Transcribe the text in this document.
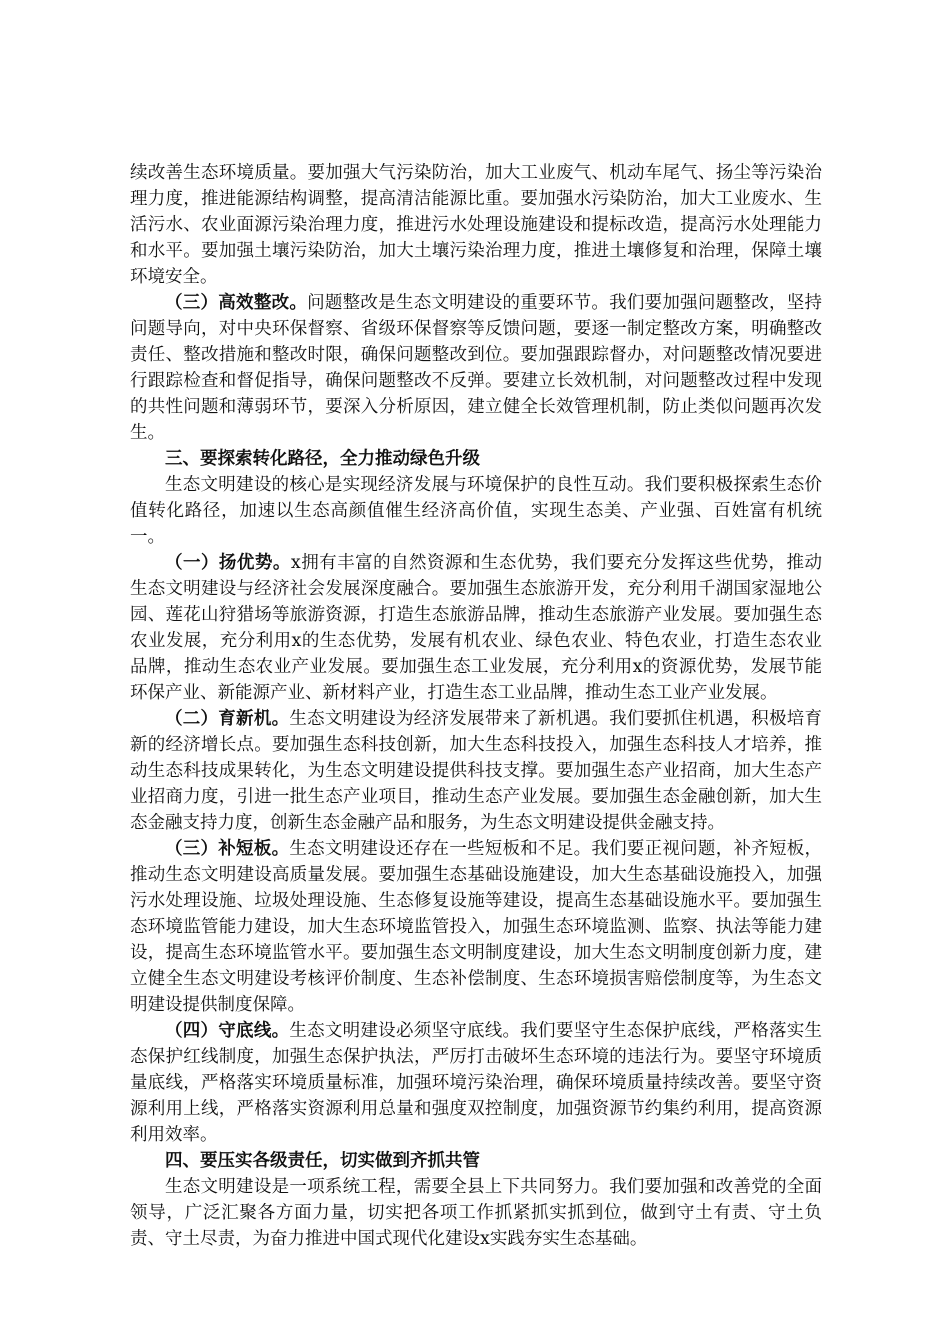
续改善生态环境质量。要加强大气污染防治，加大工业废气、机动车尾气、扬尘等污染治理力度，推进能源结构调整，提高清洁能源比重。要加强水污染防治，加大工业废水、生活污水、农业面源污染治理力度，推进污水处理设施建设和提标改造，提高污水处理能力和水平。要加强土壤污染防治，加大土壤污染治理力度，推进土壤修复和治理，保障土壤环境安全。

（三）高效整改。问题整改是生态文明建设的重要环节。我们要加强问题整改，坚持问题导向，对中央环保督察、省级环保督察等反馈问题，要逐一制定整改方案，明确整改责任、整改措施和整改时限，确保问题整改到位。要加强跟踪督办，对问题整改情况要进行跟踪检查和督促指导，确保问题整改不反弹。要建立长效机制，对问题整改过程中发现的共性问题和薄弱环节，要深入分析原因，建立健全长效管理机制，防止类似问题再次发生。

三、要探索转化路径，全力推动绿色升级

生态文明建设的核心是实现经济发展与环境保护的良性互动。我们要积极探索生态价值转化路径，加速以生态高颜值催生经济高价值，实现生态美、产业强、百姓富有机统一。

（一）扬优势。x拥有丰富的自然资源和生态优势，我们要充分发挥这些优势，推动生态文明建设与经济社会发展深度融合。要加强生态旅游开发，充分利用千湖国家湿地公园、莲花山狩猎场等旅游资源，打造生态旅游品牌，推动生态旅游产业发展。要加强生态农业发展，充分利用x的生态优势，发展有机农业、绿色农业、特色农业，打造生态农业品牌，推动生态农业产业发展。要加强生态工业发展，充分利用x的资源优势，发展节能环保产业、新能源产业、新材料产业，打造生态工业品牌，推动生态工业产业发展。

（二）育新机。生态文明建设为经济发展带来了新机遇。我们要抓住机遇，积极培育新的经济增长点。要加强生态科技创新，加大生态科技投入，加强生态科技人才培养，推动生态科技成果转化，为生态文明建设提供科技支撑。要加强生态产业招商，加大生态产业招商力度，引进一批生态产业项目，推动生态产业发展。要加强生态金融创新，加大生态金融支持力度，创新生态金融产品和服务，为生态文明建设提供金融支持。

（三）补短板。生态文明建设还存在一些短板和不足。我们要正视问题，补齐短板，推动生态文明建设高质量发展。要加强生态基础设施建设，加大生态基础设施投入，加强污水处理设施、垃圾处理设施、生态修复设施等建设，提高生态基础设施水平。要加强生态环境监管能力建设，加大生态环境监管投入，加强生态环境监测、监察、执法等能力建设，提高生态环境监管水平。要加强生态文明制度建设，加大生态文明制度创新力度，建立健全生态文明建设考核评价制度、生态补偿制度、生态环境损害赔偿制度等，为生态文明建设提供制度保障。

（四）守底线。生态文明建设必须坚守底线。我们要坚守生态保护底线，严格落实生态保护红线制度，加强生态保护执法，严厉打击破坏生态环境的违法行为。要坚守环境质量底线，严格落实环境质量标准，加强环境污染治理，确保环境质量持续改善。要坚守资源利用上线，严格落实资源利用总量和强度双控制度，加强资源节约集约利用，提高资源利用效率。

四、要压实各级责任，切实做到齐抓共管

生态文明建设是一项系统工程，需要全县上下共同努力。我们要加强和改善党的全面领导，广泛汇聚各方面力量，切实把各项工作抓紧抓实抓到位，做到守土有责、守土负责、守土尽责，为奋力推进中国式现代化建设x实践夯实生态基础。
